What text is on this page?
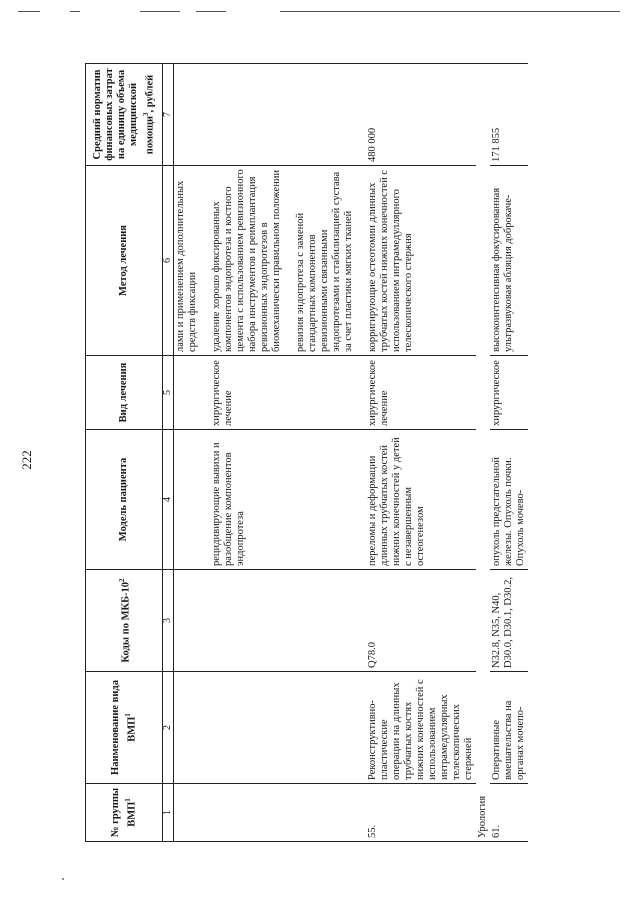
222
№ группы ВМП$^1$	Наименование вида ВМП$^1$	Коды по МКБ-$10^2$	Модель пациента	Вид лечения	Метод лечения	Средний норматив финансовых затрат на единицу объема медицинской помощи$^3$, рублей
1	2	3	4	5	6	7
					лами и применением дополнительных средств фиксации	

			рецидивирующие вывихи и разобщение компонентов эндопротеза	хирургическое лечение	удаление хорошо фиксированных компонентов эндопротеза и костного цемента с использованием ревизионного набора инструментов и реимплантация ревизионных эндопротезов в биомеханически правильном положении	

					ревизия эндопротеза с заменой стандартных компонентов ревизионными связанными эндопротезами и стабилизацией сустава за счет пластики мягких тканей	

55.	Реконструктивно-пластические операции на длинных трубчатых костях нижних конечностей с использованием интрамедуллярных телескопических стержней	Q78.0	переломы и деформации длинных трубчатых костей нижних конечностей у детей с незавершенным остеогенезом	хирургическое лечение	корригирующие остеотомии длинных трубчатых костей нижних конечностей с использованием интрамедуллярного телескопического стержня	480 000
Урология						
61.	Оперативные вмешательства на органах мочепо-	N32.8, N35, N40, D30.0, D30.1, D30.2,	опухоль предстательной железы. Опухоль почки. Опухоль мочево-	хирургическое	высокоинтенсивная фокусированная ультразвуковая абляция доброкаче-	171 855
